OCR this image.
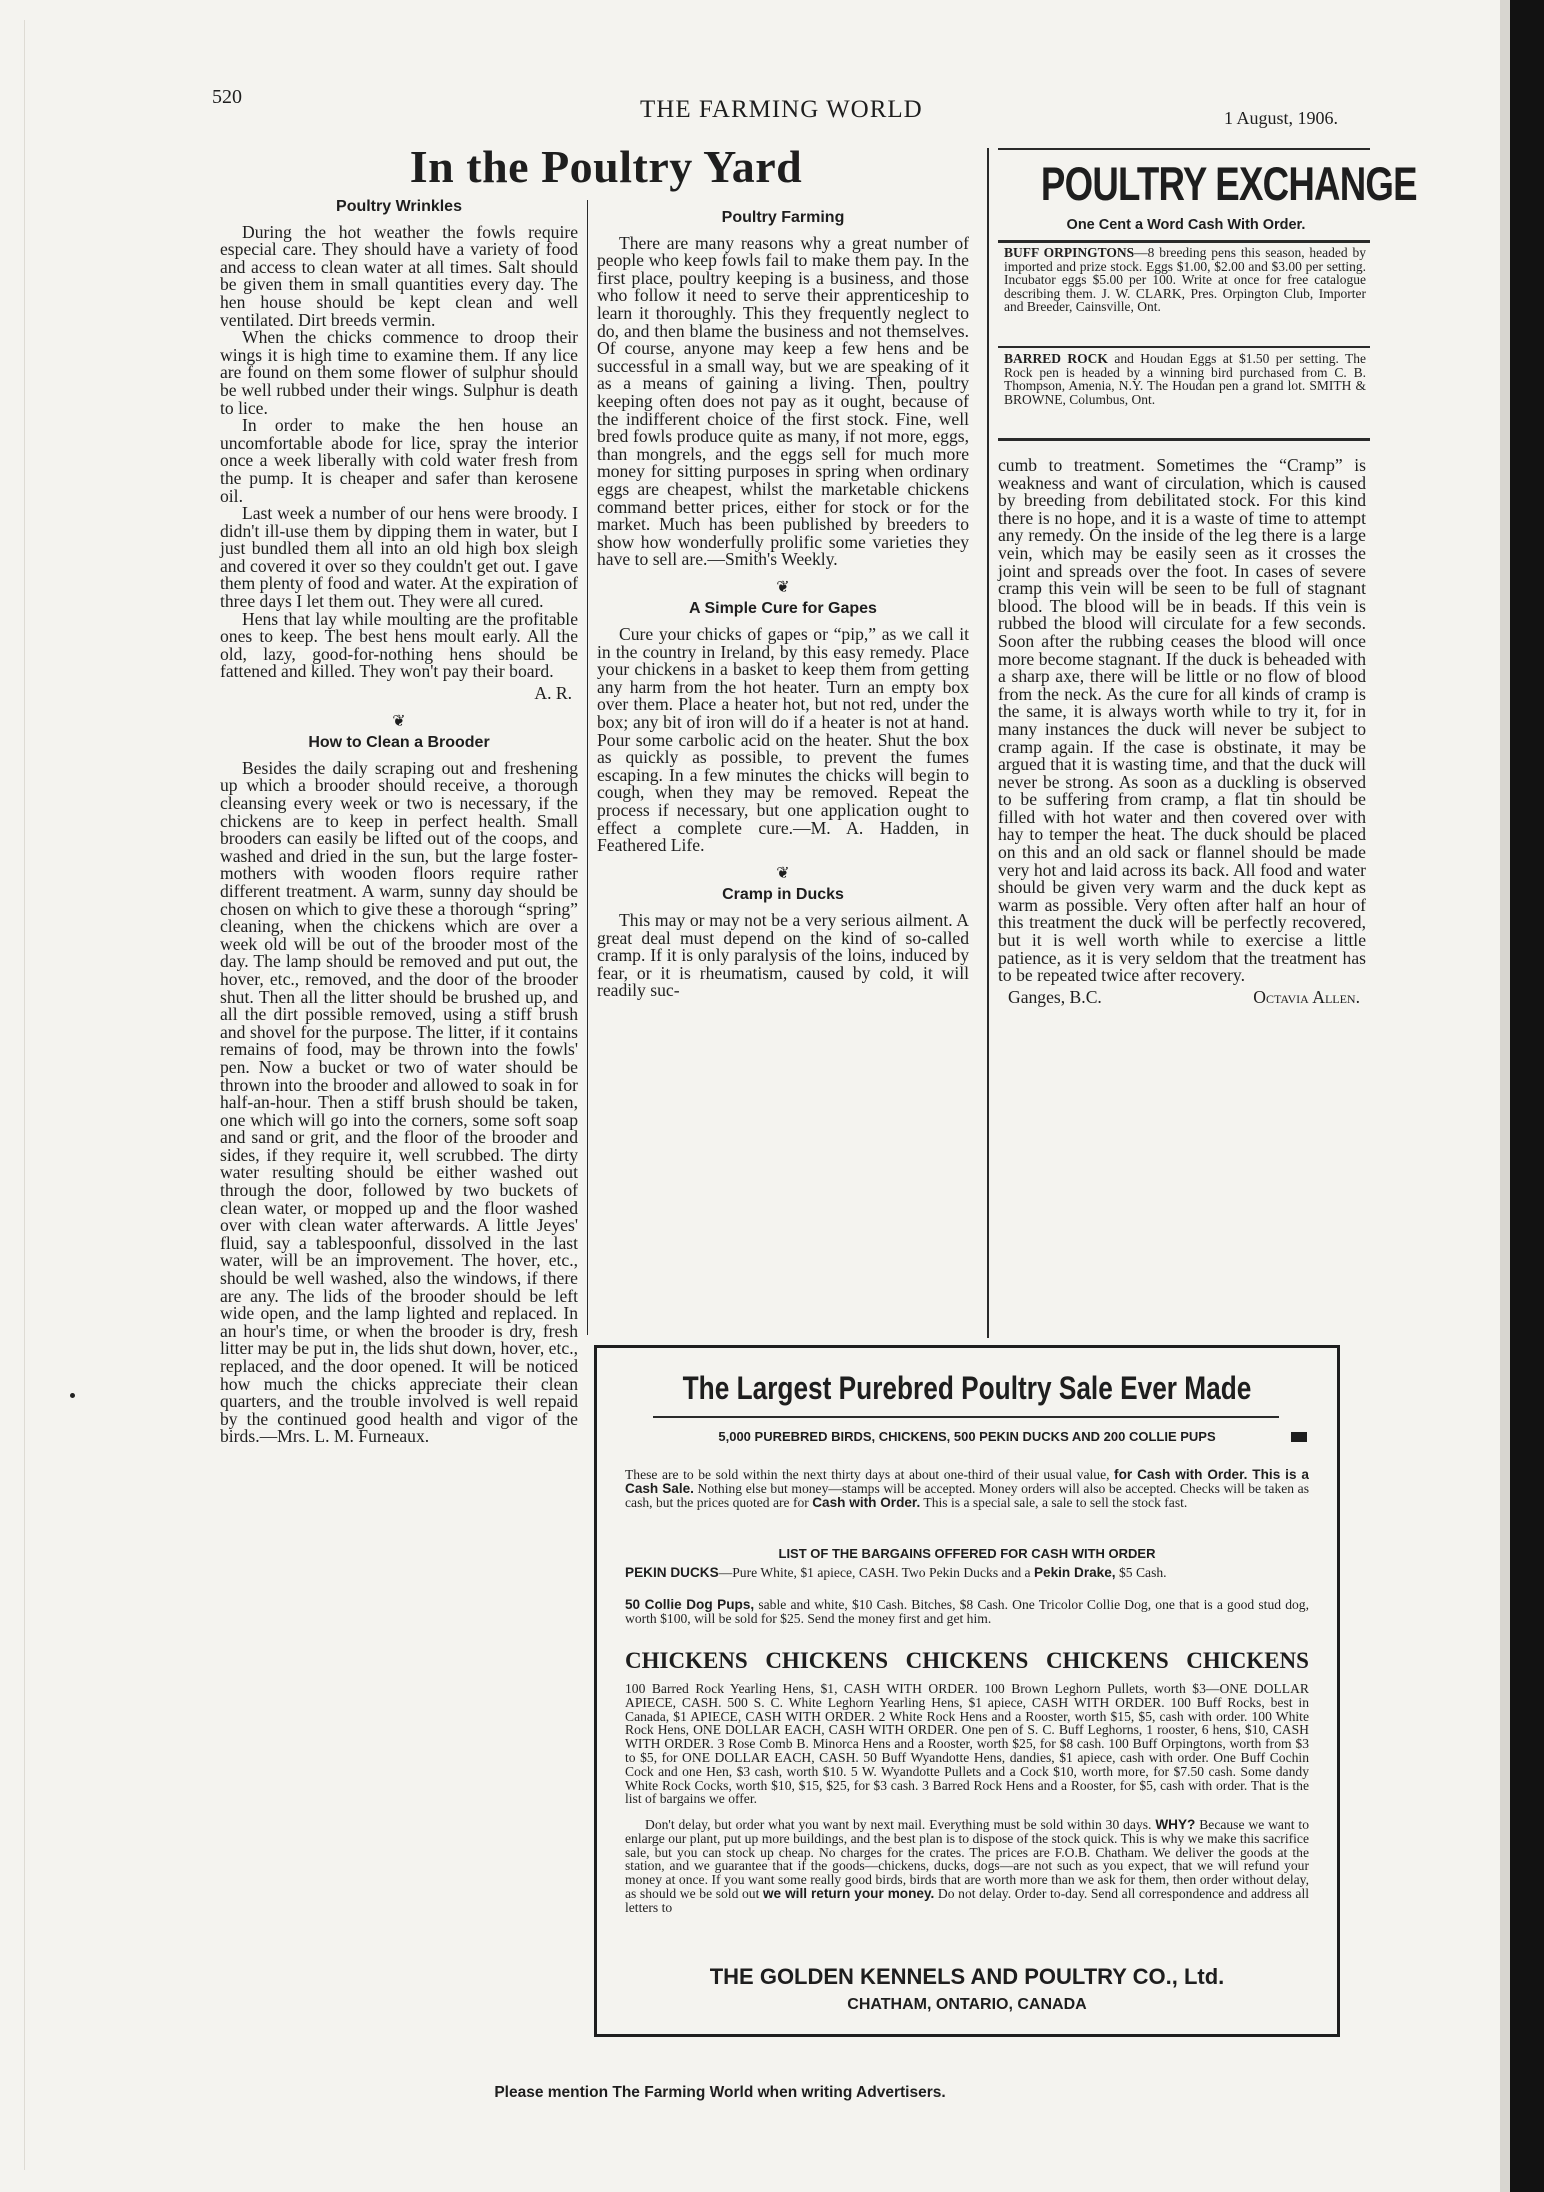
520	THE FARMING WORLD	1 August, 1906.
In the Poultry Yard
Poultry Wrinkles

During the hot weather the fowls require especial care. They should have a variety of food and access to clean water at all times. Salt should be given them in small quantities every day. The hen house should be kept clean and well ventilated. Dirt breeds vermin.

When the chicks commence to droop their wings it is high time to examine them. If any lice are found on them some flower of sulphur should be well rubbed under their wings. Sulphur is death to lice.

In order to make the hen house an uncomfortable abode for lice, spray the interior once a week liberally with cold water fresh from the pump. It is cheaper and safer than kerosene oil.

Last week a number of our hens were broody. I didn't ill-use them by dipping them in water, but I just bundled them all into an old high box sleigh and covered it over so they couldn't get out. I gave them plenty of food and water. At the expiration of three days I let them out. They were all cured.

Hens that lay while moulting are the profitable ones to keep. The best hens moult early. All the old, lazy, good-for-nothing hens should be fattened and killed. They won't pay their board.

A. R.

❦

How to Clean a Brooder

Besides the daily scraping out and freshening up which a brooder should receive, a thorough cleansing every week or two is necessary, if the chickens are to keep in perfect health. Small brooders can easily be lifted out of the coops, and washed and dried in the sun, but the large foster-mothers with wooden floors require rather different treatment. A warm, sunny day should be chosen on which to give these a thorough “spring” cleaning, when the chickens which are over a week old will be out of the brooder most of the day. The lamp should be removed and put out, the hover, etc., removed, and the door of the brooder shut. Then all the litter should be brushed up, and all the dirt possible removed, using a stiff brush and shovel for the purpose. The litter, if it contains remains of food, may be thrown into the fowls' pen. Now a bucket or two of water should be thrown into the brooder and allowed to soak in for half-an-hour. Then a stiff brush should be taken, one which will go into the corners, some soft soap and sand or grit, and the floor of the brooder and sides, if they require it, well scrubbed. The dirty water resulting should be either washed out through the door, followed by two buckets of clean water, or mopped up and the floor washed over with clean water afterwards. A little Jeyes' fluid, say a tablespoonful, dissolved in the last water, will be an improvement. The hover, etc., should be well washed, also the windows, if there are any. The lids of the brooder should be left wide open, and the lamp lighted and replaced. In an hour's time, or when the brooder is dry, fresh litter may be put in, the lids shut down, hover, etc., replaced, and the door opened. It will be noticed how much the chicks appreciate their clean quarters, and the trouble involved is well repaid by the continued good health and vigor of the birds.—Mrs. L. M. Furneaux.

Poultry Farming

There are many reasons why a great number of people who keep fowls fail to make them pay. In the first place, poultry keeping is a business, and those who follow it need to serve their apprenticeship to learn it thoroughly. This they frequently neglect to do, and then blame the business and not themselves. Of course, anyone may keep a few hens and be successful in a small way, but we are speaking of it as a means of gaining a living. Then, poultry keeping often does not pay as it ought, because of the indifferent choice of the first stock. Fine, well bred fowls produce quite as many, if not more, eggs, than mongrels, and the eggs sell for much more money for sitting purposes in spring when ordinary eggs are cheapest, whilst the marketable chickens command better prices, either for stock or for the market. Much has been published by breeders to show how wonderfully prolific some varieties they have to sell are.—Smith's Weekly.

❦

A Simple Cure for Gapes

Cure your chicks of gapes or “pip,” as we call it in the country in Ireland, by this easy remedy. Place your chickens in a basket to keep them from getting any harm from the hot heater. Turn an empty box over them. Place a heater hot, but not red, under the box; any bit of iron will do if a heater is not at hand. Pour some carbolic acid on the heater. Shut the box as quickly as possible, to prevent the fumes escaping. In a few minutes the chicks will begin to cough, when they may be removed. Repeat the process if necessary, but one application ought to effect a complete cure.—M. A. Hadden, in Feathered Life.

❦

Cramp in Ducks

This may or may not be a very serious ailment. A great deal must depend on the kind of so-called cramp. If it is only paralysis of the loins, induced by fear, or it is rheumatism, caused by cold, it will readily suc-

POULTRY EXCHANGE
One Cent a Word Cash With Order.
BUFF ORPINGTONS—8 breeding pens this season, headed by imported and prize stock. Eggs $1.00, $2.00 and $3.00 per setting. Incubator eggs $5.00 per 100. Write at once for free catalogue describing them. J. W. CLARK, Pres. Orpington Club, Importer and Breeder, Cainsville, Ont.
BARRED ROCK and Houdan Eggs at $1.50 per setting. The Rock pen is headed by a winning bird purchased from C. B. Thompson, Amenia, N.Y. The Houdan pen a grand lot. SMITH & BROWNE, Columbus, Ont.

cumb to treatment. Sometimes the “Cramp” is weakness and want of circulation, which is caused by breeding from debilitated stock. For this kind there is no hope, and it is a waste of time to attempt any remedy. On the inside of the leg there is a large vein, which may be easily seen as it crosses the joint and spreads over the foot. In cases of severe cramp this vein will be seen to be full of stagnant blood. The blood will be in beads. If this vein is rubbed the blood will circulate for a few seconds. Soon after the rubbing ceases the blood will once more become stagnant. If the duck is beheaded with a sharp axe, there will be little or no flow of blood from the neck. As the cure for all kinds of cramp is the same, it is always worth while to try it, for in many instances the duck will never be subject to cramp again. If the case is obstinate, it may be argued that it is wasting time, and that the duck will never be strong. As soon as a duckling is observed to be suffering from cramp, a flat tin should be filled with hot water and then covered over with hay to temper the heat. The duck should be placed on this and an old sack or flannel should be made very hot and laid across its back. All food and water should be given very warm and the duck kept as warm as possible. Very often after half an hour of this treatment the duck will be perfectly recovered, but it is well worth while to exercise a little patience, as it is very seldom that the treatment has to be repeated twice after recovery.

Ganges, B.C.	Octavia Allen.
The Largest Purebred Poultry Sale Ever Made
5,000 PUREBRED BIRDS, CHICKENS, 500 PEKIN DUCKS AND 200 COLLIE PUPS
These are to be sold within the next thirty days at about one-third of their usual value, for Cash with Order. This is a Cash Sale. Nothing else but money—stamps will be accepted. Money orders will also be accepted. Checks will be taken as cash, but the prices quoted are for Cash with Order. This is a special sale, a sale to sell the stock fast.
LIST OF THE BARGAINS OFFERED FOR CASH WITH ORDER
PEKIN DUCKS—Pure White, $1 apiece, CASH. Two Pekin Ducks and a Pekin Drake, $5 Cash.
50 Collie Dog Pups, sable and white, $10 Cash. Bitches, $8 Cash. One Tricolor Collie Dog, one that is a good stud dog, worth $100, will be sold for $25. Send the money first and get him.
CHICKENS CHICKENS CHICKENS CHICKENS CHICKENS
100 Barred Rock Yearling Hens, $1, CASH WITH ORDER. 100 Brown Leghorn Pullets, worth $3—ONE DOLLAR APIECE, CASH. 500 S. C. White Leghorn Yearling Hens, $1 apiece, CASH WITH ORDER. 100 Buff Rocks, best in Canada, $1 APIECE, CASH WITH ORDER. 2 White Rock Hens and a Rooster, worth $15, $5, cash with order. 100 White Rock Hens, ONE DOLLAR EACH, CASH WITH ORDER. One pen of S. C. Buff Leghorns, 1 rooster, 6 hens, $10, CASH WITH ORDER. 3 Rose Comb B. Minorca Hens and a Rooster, worth $25, for $8 cash. 100 Buff Orpingtons, worth from $3 to $5, for ONE DOLLAR EACH, CASH. 50 Buff Wyandotte Hens, dandies, $1 apiece, cash with order. One Buff Cochin Cock and one Hen, $3 cash, worth $10. 5 W. Wyandotte Pullets and a Cock $10, worth more, for $7.50 cash. Some dandy White Rock Cocks, worth $10, $15, $25, for $3 cash. 3 Barred Rock Hens and a Rooster, for $5, cash with order. That is the list of bargains we offer.
Don't delay, but order what you want by next mail. Everything must be sold within 30 days. WHY? Because we want to enlarge our plant, put up more buildings, and the best plan is to dispose of the stock quick. This is why we make this sacrifice sale, but you can stock up cheap. No charges for the crates. The prices are F.O.B. Chatham. We deliver the goods at the station, and we guarantee that if the goods—chickens, ducks, dogs—are not such as you expect, that we will refund your money at once. If you want some really good birds, birds that are worth more than we ask for them, then order without delay, as should we be sold out we will return your money. Do not delay. Order to-day. Send all correspondence and address all letters to
THE GOLDEN KENNELS AND POULTRY CO., Ltd.
CHATHAM, ONTARIO, CANADA
Please mention The Farming World when writing Advertisers.
